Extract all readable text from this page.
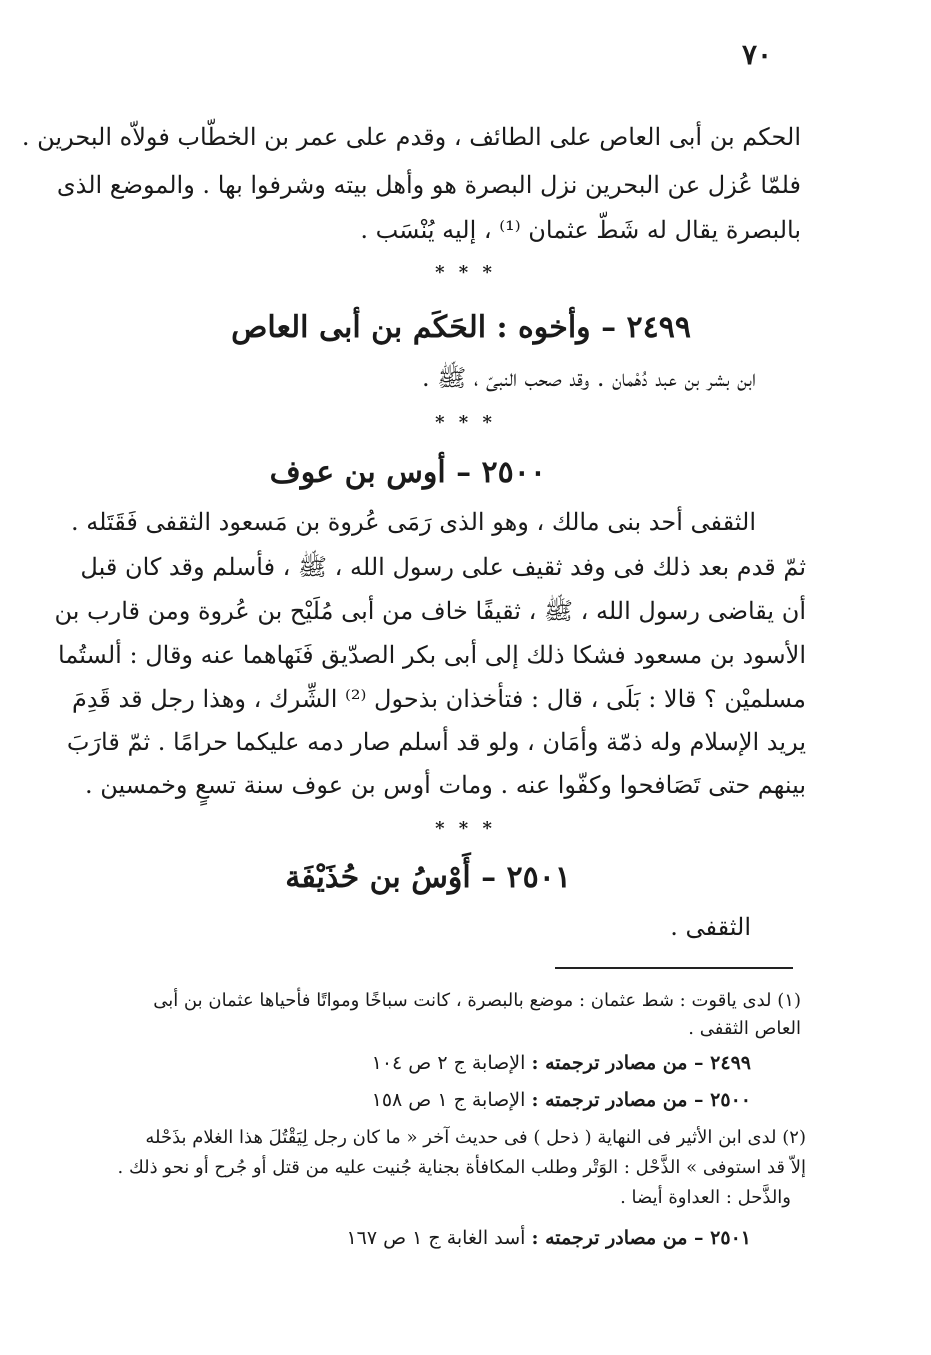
٧٠

الحكم بن أبى العاص على الطائف ، وقدم على عمر بن الخطّاب فولاّه البحرين .

فلمّا عُزل عن البحرين نزل البصرة هو وأهل بيته وشرفوا بها . والموضع الذى

بالبصرة يقال له شَطّ عثمان ⁽¹⁾ ، إليه يُنْسَب .

* * *
٢٤٩٩ – وأخوه : الحَكَم بن أبى العاص

ابن بشر بن عبد دُهْمان . وقد صحب النبىّ ، ﷺ .

* * *
٢٥٠٠ – أوس بن عوف

الثقفى أحد بنى مالك ، وهو الذى رَمَى عُروة بن مَسعود الثقفى فَقَتَله .

ثمّ قدم بعد ذلك فى وفد ثقيف على رسول الله ، ﷺ ، فأسلم وقد كان قبل

أن يقاضى رسول الله ، ﷺ ، ثقيفًا خاف من أبى مُلَيْح بن عُروة ومن قارب بن

الأسود بن مسعود فشكا ذلك إلى أبى بكر الصدّيق فَنَهاهما عنه وقال : ألستُما

مسلميْن ؟ قالا : بَلَى ، قال : فتأخذان بذحول ⁽²⁾ الشِّرك ، وهذا رجل قد قَدِمَ

يريد الإسلام وله ذمّة وأمَان ، ولو قد أسلم صار دمه عليكما حرامًا . ثمّ قارَبَ

بينهم حتى تَصَافحوا وكفّوا عنه . ومات أوس بن عوف سنة تسعٍ وخمسين .

* * *
٢٥٠١ – أَوْسُ بن حُذَيْفَة

الثقفى .

(١) لدى ياقوت : شط عثمان : موضع بالبصرة ، كانت سباخًا ومواتًا فأحياها عثمان بن أبى

العاص الثقفى .

٢٤٩٩ – من مصادر ترجمته : الإصابة ج ٢ ص ١٠٤

٢٥٠٠ – من مصادر ترجمته : الإصابة ج ١ ص ١٥٨

(٢) لدى ابن الأثير فى النهاية ( ذحل ) فى حديث آخر « ما كان رجل لِيَقْتُلَ هذا الغلام بذَحْله

إلاّ قد استوفى » الذَّحْل : الوَتْر وطلب المكافأة بجناية جُنيت عليه من قتل أو جُرح أو نحو ذلك .

والذَّحل : العداوة أيضا .

٢٥٠١ – من مصادر ترجمته : أسد الغابة ج ١ ص ١٦٧
